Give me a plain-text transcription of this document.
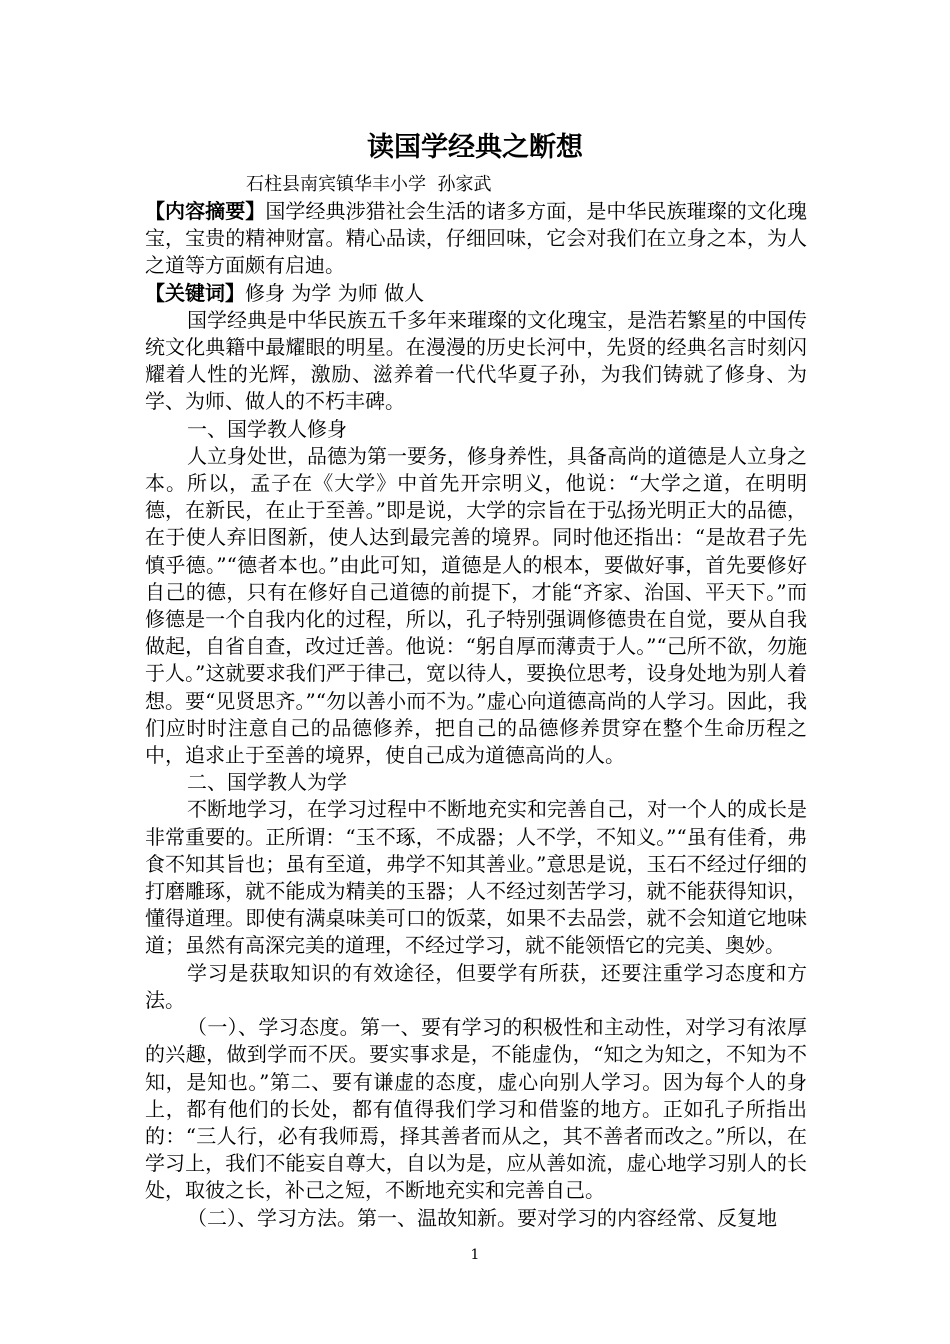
读国学经典之断想
石柱县南宾镇华丰小学  孙家武

【内容摘要】国学经典涉猎社会生活的诸多方面，是中华民族璀璨的文化瑰宝，宝贵的精神财富。精心品读，仔细回味，它会对我们在立身之本，为人之道等方面颇有启迪。

【关键词】修身 为学 为师 做人

国学经典是中华民族五千多年来璀璨的文化瑰宝，是浩若繁星的中国传统文化典籍中最耀眼的明星。在漫漫的历史长河中，先贤的经典名言时刻闪耀着人性的光辉，激励、滋养着一代代华夏子孙，为我们铸就了修身、为学、为师、做人的不朽丰碑。

一、国学教人修身

人立身处世，品德为第一要务，修身养性，具备高尚的道德是人立身之本。所以，孟子在《大学》中首先开宗明义，他说：“大学之道，在明明德，在新民，在止于至善。”即是说，大学的宗旨在于弘扬光明正大的品德，在于使人弃旧图新，使人达到最完善的境界。同时他还指出：“是故君子先慎乎德。”“德者本也。”由此可知，道德是人的根本，要做好事，首先要修好自己的德，只有在修好自己道德的前提下，才能“齐家、治国、平天下。”而修德是一个自我内化的过程，所以，孔子特别强调修德贵在自觉，要从自我做起，自省自查，改过迁善。他说：“躬自厚而薄责于人。”“己所不欲，勿施于人。”这就要求我们严于律己，宽以待人，要换位思考，设身处地为别人着想。要“见贤思齐。”“勿以善小而不为。”虚心向道德高尚的人学习。因此，我们应时时注意自己的品德修养，把自己的品德修养贯穿在整个生命历程之中，追求止于至善的境界，使自己成为道德高尚的人。

二、国学教人为学

不断地学习，在学习过程中不断地充实和完善自己，对一个人的成长是非常重要的。正所谓：“玉不琢，不成器；人不学，不知义。”“虽有佳肴，弗食不知其旨也；虽有至道，弗学不知其善业。”意思是说，玉石不经过仔细的打磨雕琢，就不能成为精美的玉器；人不经过刻苦学习，就不能获得知识，懂得道理。即使有满桌味美可口的饭菜，如果不去品尝，就不会知道它地味道；虽然有高深完美的道理，不经过学习，就不能领悟它的完美、奥妙。

学习是获取知识的有效途径，但要学有所获，还要注重学习态度和方法。

（一）、学习态度。第一、要有学习的积极性和主动性，对学习有浓厚的兴趣，做到学而不厌。要实事求是，不能虚伪，“知之为知之，不知为不知，是知也。”第二、要有谦虚的态度，虚心向别人学习。因为每个人的身上，都有他们的长处，都有值得我们学习和借鉴的地方。正如孔子所指出的：“三人行，必有我师焉，择其善者而从之，其不善者而改之。”所以，在学习上，我们不能妄自尊大，自以为是，应从善如流，虚心地学习别人的长处，取彼之长，补己之短，不断地充实和完善自己。

（二）、学习方法。第一、温故知新。要对学习的内容经常、反复地

1
